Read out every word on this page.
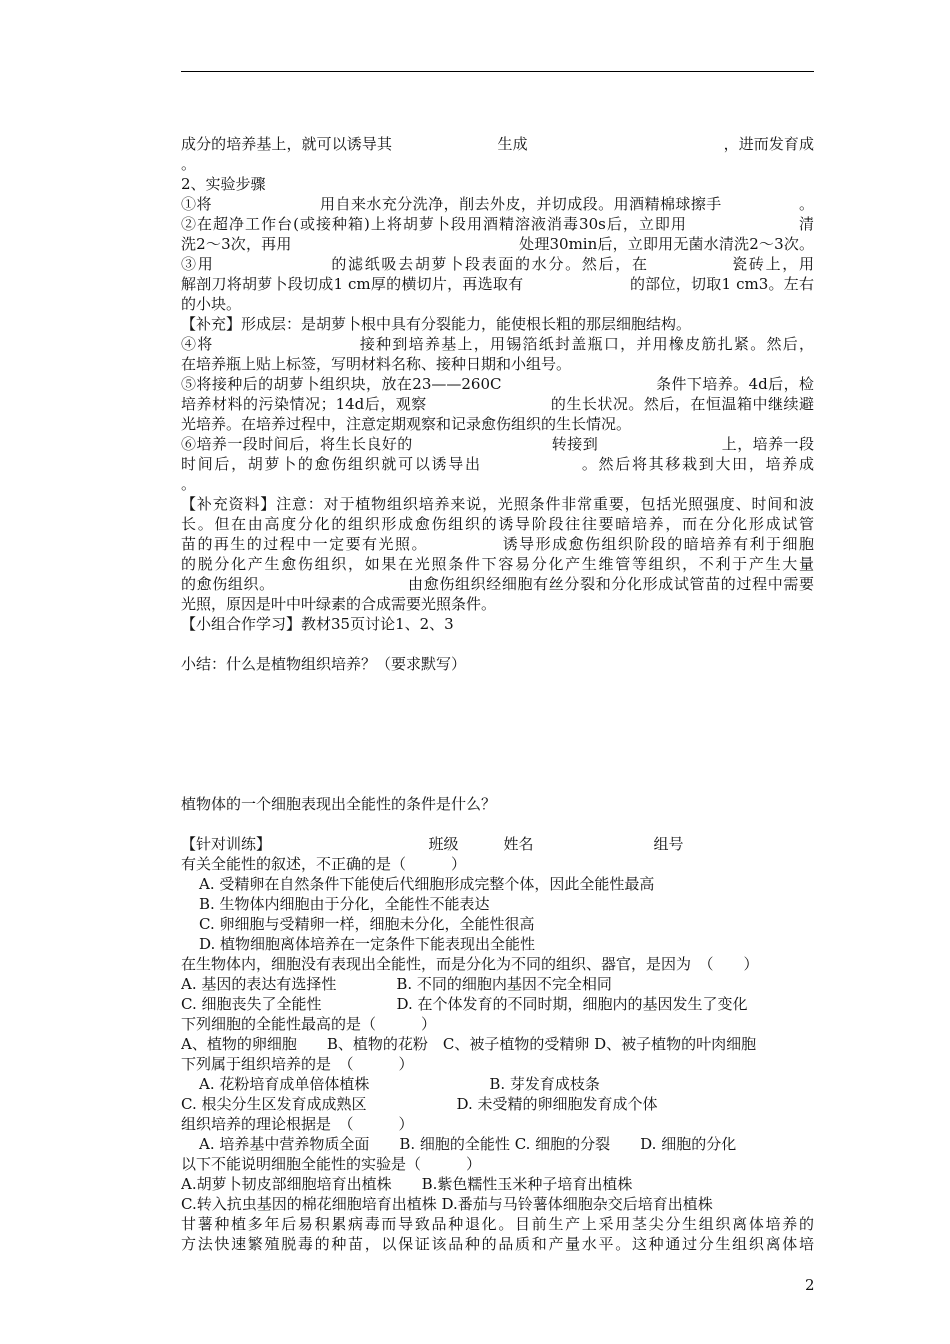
成分的培养基上，就可以诱导其　　　　　　　生成　　　　　　　　　　　　　，进而发育成
。
2、实验步骤
①将　　　　　　　用自来水充分洗净，削去外皮，并切成段。用酒精棉球擦手　　　　　。
②在超净工作台(或接种箱)上将胡萝卜段用酒精溶液消毒30s后，立即用　　　　　　　清
洗2～3次，再用　　　　　　　　　　　　　　　处理30min后，立即用无菌水清洗2～3次。
③用　　　　　　　的滤纸吸去胡萝卜段表面的水分。然后，在　　　　　瓷砖上，用
解剖刀将胡萝卜段切成1 cm厚的横切片，再选取有　　　　　　　的部位，切取1 cm3。左右
的小块。
【补充】形成层：是胡萝卜根中具有分裂能力，能使根长粗的那层细胞结构。
④将　　　　　　　　　接种到培养基上，用锡箔纸封盖瓶口，并用橡皮筋扎紧。然后，
在培养瓶上贴上标签，写明材料名称、接种日期和小组号。
⑤将接种后的胡萝卜组织块，放在23——260C　　　　　　　　　　条件下培养。4d后，检
培养材料的污染情况；14d后，观察　　　　　　　　的生长状况。然后，在恒温箱中继续避
光培养。在培养过程中，注意定期观察和记录愈伤组织的生长情况。
⑥培养一段时间后，将生长良好的　　　　　　　　　转接到　　　　　　　　上，培养一段
时间后，胡萝卜的愈伤组织就可以诱导出　　　　　　。然后将其移栽到大田，培养成
。
【补充资料】注意：对于植物组织培养来说，光照条件非常重要，包括光照强度、时间和波
长。但在由高度分化的组织形成愈伤组织的诱导阶段往往要暗培养，而在分化形成试管
苗的再生的过程中一定要有光照。　　　　　诱导形成愈伤组织阶段的暗培养有利于细胞
的脱分化产生愈伤组织，如果在光照条件下容易分化产生维管等组织，不利于产生大量
的愈伤组织。　　　　　　　　　由愈伤组织经细胞有丝分裂和分化形成试管苗的过程中需要
光照，原因是叶中叶绿素的合成需要光照条件。
【小组合作学习】教材35页讨论1、2、3
小结：什么是植物组织培养？（要求默写）
植物体的一个细胞表现出全能性的条件是什么？
【针对训练】　　　　　　　　　　　班级　　　姓名　　　　　　　　组号
有关全能性的叙述，不正确的是（　　　）
A. 受精卵在自然条件下能使后代细胞形成完整个体，因此全能性最高
B. 生物体内细胞由于分化，全能性不能表达
C. 卵细胞与受精卵一样，细胞未分化，全能性很高
D. 植物细胞离体培养在一定条件下能表现出全能性
在生物体内，细胞没有表现出全能性，而是分化为不同的组织、器官，是因为　（　　）
A. 基因的表达有选择性　　　　B. 不同的细胞内基因不完全相同
C. 细胞丧失了全能性　　　　　D. 在个体发育的不同时期，细胞内的基因发生了变化
下列细胞的全能性最高的是（　　　）
A、植物的卵细胞　　B、植物的花粉　C、被子植物的受精卵 D、被子植物的叶肉细胞
下列属于组织培养的是　（　　　）
A. 花粉培育成单倍体植株　　　　　　　　B. 芽发育成枝条
C. 根尖分生区发育成成熟区　　　　　　D. 未受精的卵细胞发育成个体
组织培养的理论根据是　（　　　）
A. 培养基中营养物质全面　　B. 细胞的全能性 C. 细胞的分裂　　D. 细胞的分化
以下不能说明细胞全能性的实验是（　　　）
A.胡萝卜韧皮部细胞培育出植株　　B.紫色糯性玉米种子培育出植株
C.转入抗虫基因的棉花细胞培育出植株 D.番茄与马铃薯体细胞杂交后培育出植株
甘薯种植多年后易积累病毒而导致品种退化。目前生产上采用茎尖分生组织离体培养的
方法快速繁殖脱毒的种苗，以保证该品种的品质和产量水平。这种通过分生组织离体培
2
